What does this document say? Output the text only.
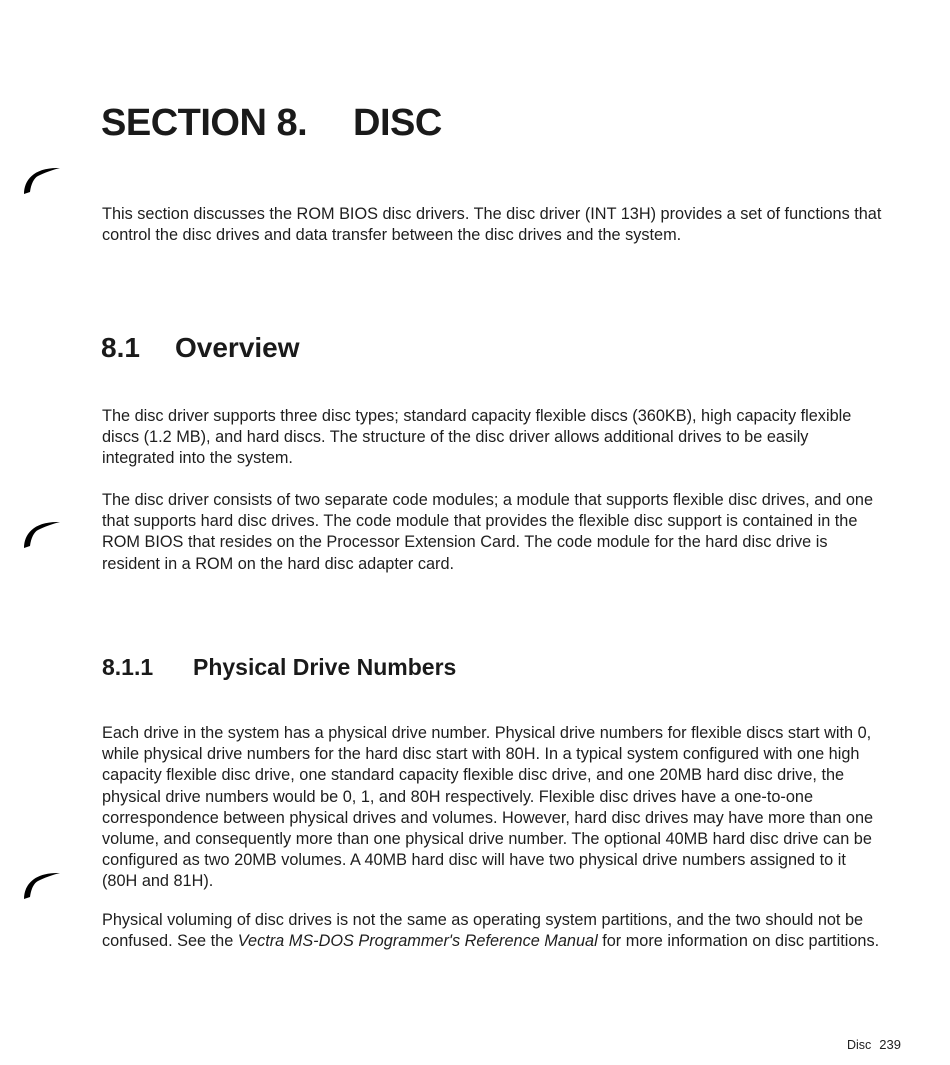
SECTION 8. DISC

This section discusses the ROM BIOS disc drivers. The disc driver (INT 13H) provides a set of functions that control the disc drives and data transfer between the disc drives and the system.

8.1 Overview

The disc driver supports three disc types; standard capacity flexible discs (360KB), high capacity flexible discs (1.2 MB), and hard discs. The structure of the disc driver allows additional drives to be easily integrated into the system.

The disc driver consists of two separate code modules; a module that supports flexible disc drives, and one that supports hard disc drives. The code module that provides the flexible disc support is contained in the ROM BIOS that resides on the Processor Extension Card. The code module for the hard disc drive is resident in a ROM on the hard disc adapter card.

8.1.1 Physical Drive Numbers

Each drive in the system has a physical drive number. Physical drive numbers for flexible discs start with 0, while physical drive numbers for the hard disc start with 80H. In a typical system configured with one high capacity flexible disc drive, one standard capacity flexible disc drive, and one 20MB hard disc drive, the physical drive numbers would be 0, 1, and 80H respectively. Flexible disc drives have a one-to-one correspondence between physical drives and volumes. However, hard disc drives may have more than one volume, and consequently more than one physical drive number. The optional 40MB hard disc drive can be configured as two 20MB volumes. A 40MB hard disc will have two physical drive numbers assigned to it (80H and 81H).

Physical voluming of disc drives is not the same as operating system partitions, and the two should not be confused. See the Vectra MS-DOS Programmer's Reference Manual for more information on disc partitions.

Disc 239
